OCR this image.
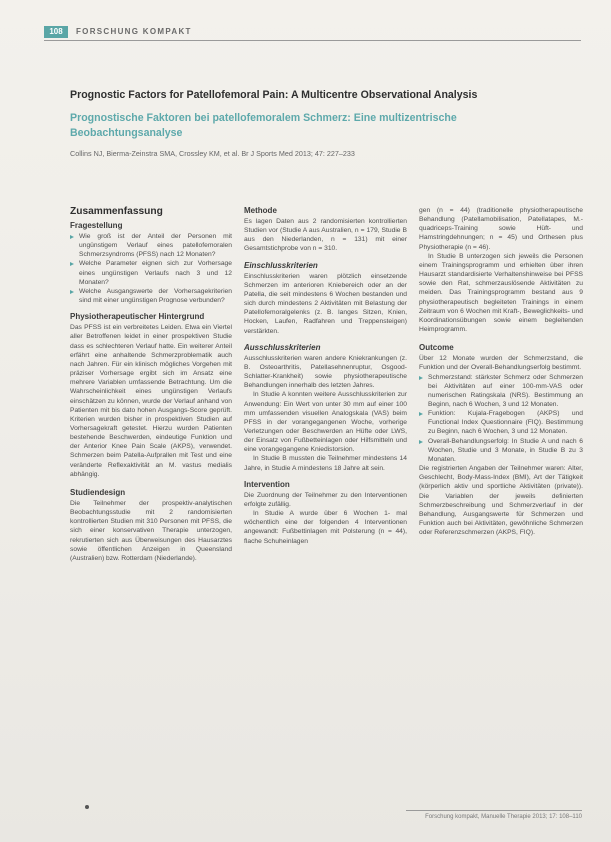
108	FORSCHUNG KOMPAKT
Prognostic Factors for Patellofemoral Pain: A Multicentre Observational Analysis
Prognostische Faktoren bei patellofemoralem Schmerz: Eine multizentrische Beobachtungsanalyse
Collins NJ, Bierma-Zeinstra SMA, Crossley KM, et al. Br J Sports Med 2013; 47: 227–233
Zusammenfassung
Fragestellung
Wie groß ist der Anteil der Personen mit ungünstigem Verlauf eines patellofemoralen Schmerzsyndroms (PFSS) nach 12 Monaten?
Welche Parameter eignen sich zur Vorhersage eines ungünstigen Verlaufs nach 3 und 12 Monaten?
Welche Ausgangswerte der Vorhersagekriterien sind mit einer ungünstigen Prognose verbunden?
Physiotherapeutischer Hintergrund

Das PFSS ist ein verbreitetes Leiden. Etwa ein Viertel aller Betroffenen leidet in einer prospektiven Studie dass es schlechteren Verlauf hatte. Ein weiterer Anteil erfährt eine anhaltende Schmerzproblematik auch nach Jahren. Für ein klinisch mögliches Vorgehen mit präziser Vorhersage ergibt sich im Ansatz eine mehrere Variablen umfassende Betrachtung. Um die Wahrscheinlichkeit eines ungünstigen Verlaufs einschätzen zu können, wurde der Verlauf anhand von Patienten mit bis dato hohen Ausgangs-Score geprüft. Kriterien wurden bisher in prospektiven Studien auf Vorhersagekraft getestet. Hierzu wurden Patienten bestehende Beschwerden, eindeutige Funktion und der Anterior Knee Pain Scale (AKPS), verwendet. Schmerzen beim Patella-Aufprallen mit Test und eine veränderte Reflexaktivität an M. vastus medialis abhängig.

Studiendesign

Die Teilnehmer der prospektiv-analytischen Beobachtungsstudie mit 2 randomisierten kontrollierten Studien mit 310 Personen mit PFSS, die sich einer konservativen Therapie unterzogen, rekrutierten sich aus Überweisungen des Hausarztes sowie öffentlichen Anzeigen in Queensland (Australien) bzw. Rotterdam (Niederlande).

Methode

Es lagen Daten aus 2 randomisierten kontrollierten Studien vor (Studie A aus Australien, n = 179, Studie B aus den Niederlanden, n = 131) mit einer Gesamtstichprobe von n = 310.

Einschlusskriterien

Einschlusskriterien waren plötzlich einsetzende Schmerzen im anterioren Kniebereich oder an der Patella, die seit mindestens 6 Wochen bestanden und sich durch mindestens 2 Aktivitäten mit Belastung der Patellofemoralgelenks (z. B. langes Sitzen, Knien, Hocken, Laufen, Radfahren und Treppensteigen) verstärkten.

Ausschlusskriterien

Ausschlusskriterien waren andere Kniekrankungen (z. B. Osteoarthritis, Patellasehnenruptur, Osgood-Schlatter-Krankheit) sowie physiotherapeutische Behandlungen innerhalb des letzten Jahres.

In Studie A konnten weitere Ausschlusskriterien zur Anwendung: Ein Wert von unter 30 mm auf einer 100 mm umfassenden visuellen Analogskala (VAS) beim PFSS in der vorangegangenen Woche, vorherige Verletzungen oder Beschwerden an Hüfte oder LWS, der Einsatz von Fußbetteinlagen oder Hilfsmitteln und eine vorangegangene Kniedistorsion.

In Studie B mussten die Teilnehmer mindestens 14 Jahre, in Studie A mindestens 18 Jahre alt sein.

Intervention

Die Zuordnung der Teilnehmer zu den Interventionen erfolgte zufällig.

In Studie A wurde über 6 Wochen 1- mal wöchentlich eine der folgenden 4 Interventionen angewandt: Fußbettinlagen mit Polsterung (n = 44), flache Schuheinlagen

gen (n = 44) (traditionelle physiotherapeutische Behandlung (Patellamobilisation, Patellatapes, M.-quadriceps-Training sowie Hüft- und Hamstringdehnungen; n = 45) und Orthesen plus Physiotherapie (n = 46).

In Studie B unterzogen sich jeweils die Personen einem Trainingsprogramm und erhielten über ihren Hausarzt standardisierte Verhaltenshinweise bei PFSS sowie den Rat, schmerzauslösende Aktivitäten zu meiden. Das Trainingsprogramm bestand aus 9 physiotherapeutisch begleiteten Trainings in einem Zeitraum von 6 Wochen mit Kraft-, Beweglichkeits- und Koordinationsübungen sowie einem begleitenden Heimprogramm.

Outcome

Über 12 Monate wurden der Schmerzstand, die Funktion und der Overall-Behandlungserfolg bestimmt.

Schmerzstand: stärkster Schmerz oder Schmerzen bei Aktivitäten auf einer 100-mm-VAS oder numerischen Ratingskala (NRS). Bestimmung an Beginn, nach 6 Wochen, 3 und 12 Monaten.
Funktion: Kujala-Fragebogen (AKPS) und Functional Index Questionnaire (FIQ). Bestimmung zu Beginn, nach 6 Wochen, 3 und 12 Monaten.
Overall-Behandlungserfolg: In Studie A und nach 6 Wochen, Studie und 3 Monate, in Studie B zu 3 Monaten.

Die registrierten Angaben der Teilnehmer waren: Alter, Geschlecht, Body-Mass-Index (BMI), Art der Tätigkeit (körperlich aktiv und sportliche Aktivitäten (private)). Die Variablen der jeweils definierten Schmerzbeschreibung und Schmerzverlauf in der Behandlung, Ausgangswerte für Schmerzen und Funktion auch bei Aktivitäten, gewöhnliche Schmerzen oder Referenzschmerzen (AKPS, FIQ).

Forschung kompakt, Manuelle Therapie 2013; 17: 108–110
